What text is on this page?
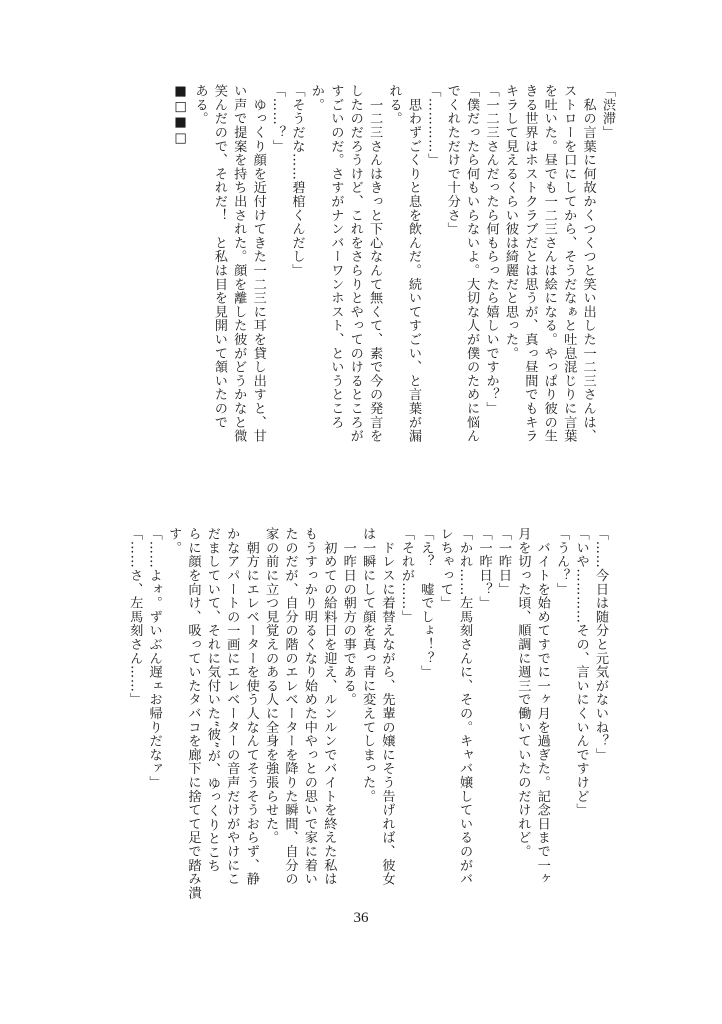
「渋滞」
　私の言葉に何故かくつくつと笑い出した一二三さんは、
ストローを口にしてから、そうだなぁと吐息混じりに言葉
を吐いた。昼でも一二三さんは絵になる。やっぱり彼の生
きる世界はホストクラブだとは思うが、真っ昼間でもキラ
キラして見えるくらい彼は綺麗だと思った。
「一二三さんだったら何もらったら嬉しいですか？」
「僕だったら何もいらないよ。大切な人が僕のために悩ん
でくれただけで十分さ」
「…………」
　思わずごくりと息を飲んだ。続いてすごい、と言葉が漏
れる。
　一二三さんはきっと下心なんて無くて、素で今の発言を
したのだろうけど、これをさらりとやってのけるところが
すごいのだ。さすがナンバーワンホスト、というところ
か。
「そうだな……碧棺くんだし」
「……？」
　ゆっくり顔を近付けてきた一二三に耳を貸し出すと、甘
い声で提案を持ち出された。顔を離した彼がどうかなと微
笑んだので、それだ！　と私は目を見開いて頷いたので
ある。
■□■□
「……今日は随分と元気がないね？」
「いや…………その、言いにくいんですけど」
「うん？」
　バイトを始めてすでに一ヶ月を過ぎた。記念日まで一ヶ
月を切った頃、順調に週三で働いていたのだけれど。
「一昨日」
「一昨日？」
「かれ……左馬刻さんに、その。キャバ嬢しているのがバ
レちゃって」
「え？　嘘でしょ！？」
「それが……」
　ドレスに着替えながら、先輩の嬢にそう告げれば、彼女
は一瞬にして顔を真っ青に変えてしまった。
　一昨日の朝方の事である。
　初めての給料日を迎え、ルンルンでバイトを終えた私は
もうすっかり明るくなり始めた中やっとの思いで家に着い
たのだが、自分の階のエレベーターを降りた瞬間、自分の
家の前に立つ見覚えのある人に全身を強張らせた。
　朝方にエレベーターを使う人なんてそうそうおらず、静
かなアパートの一画にエレベーターの音声だけがやけにこ
だましていて、それに気付いた“彼”が、ゆっくりとこち
らに顔を向け、吸っていたタバコを廊下に捨てて足で踏み潰
す。
「……よォ。ずいぶん遅ェお帰りだなァ」
「……さ、左馬刻さん……」
36
